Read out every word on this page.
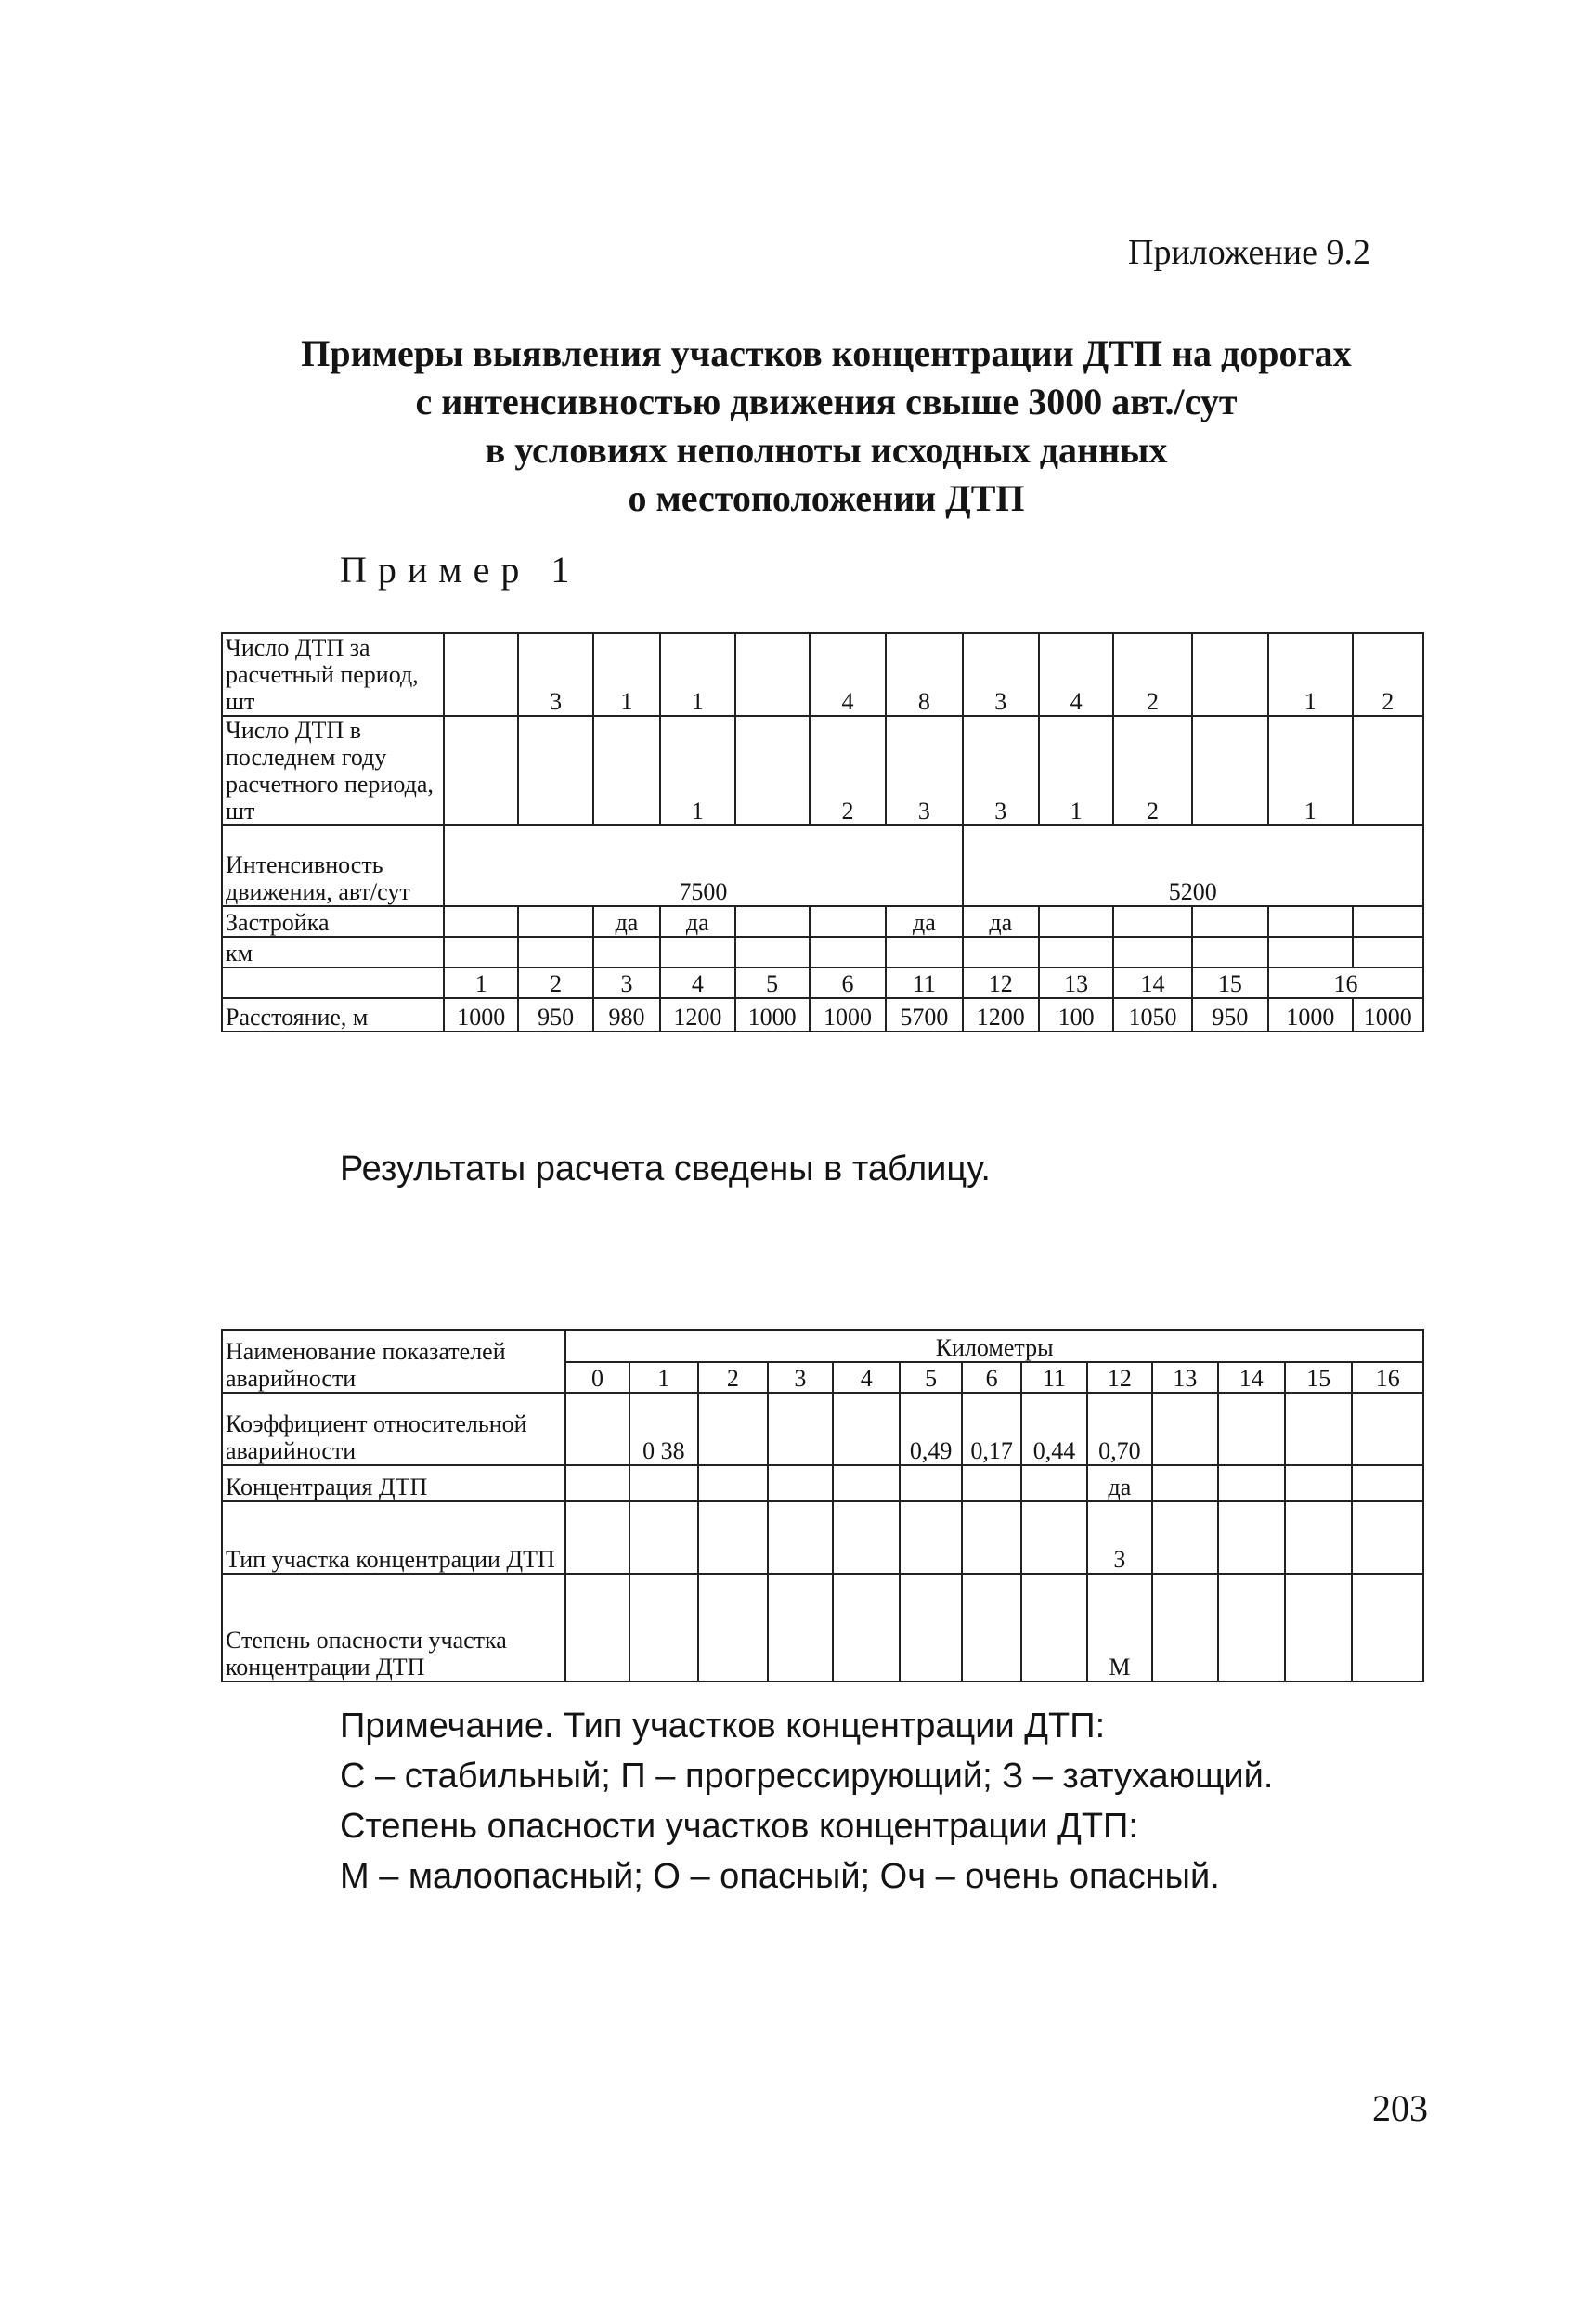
Приложение 9.2
Примеры выявления участков концентрации ДТП на дорогах
с интенсивностью движения свыше 3000 авт./сут
в условиях неполноты исходных данных
о местоположении ДТП
Пример 1
Число ДТП за расчетный период, шт		3	1	1		4	8	3	4	2		1	2
Число ДТП в последнем году расчетного периода, шт				1		2	3	3	1	2		1	
Интенсивность движения, авт/сут	7500							5200					
Застройка			да	да			да	да					
км													
	1	2	3	4	5	6	11	12	13	14	15	16	
Расстояние, м	1000	950	980	1200	1000	1000	5700	1200	100	1050	950	1000	1000
Результаты расчета сведены в таблицу.
Наименование показателей аварийности	Километры												
	0	1	2	3	4	5	6	11	12	13	14	15	16
Коэффициент относительной аварийности		0 38				0,49	0,17	0,44	0,70				
Концентрация ДТП									да				
Тип участка концентрации ДТП									З				
Степень опасности участка концентрации ДТП									М				
Примечание. Тип участков концентрации ДТП:
С – стабильный; П – прогрессирующий; З – затухающий.
Степень опасности участков концентрации ДТП:
М – малоопасный; О – опасный; Оч – очень опасный.
203
